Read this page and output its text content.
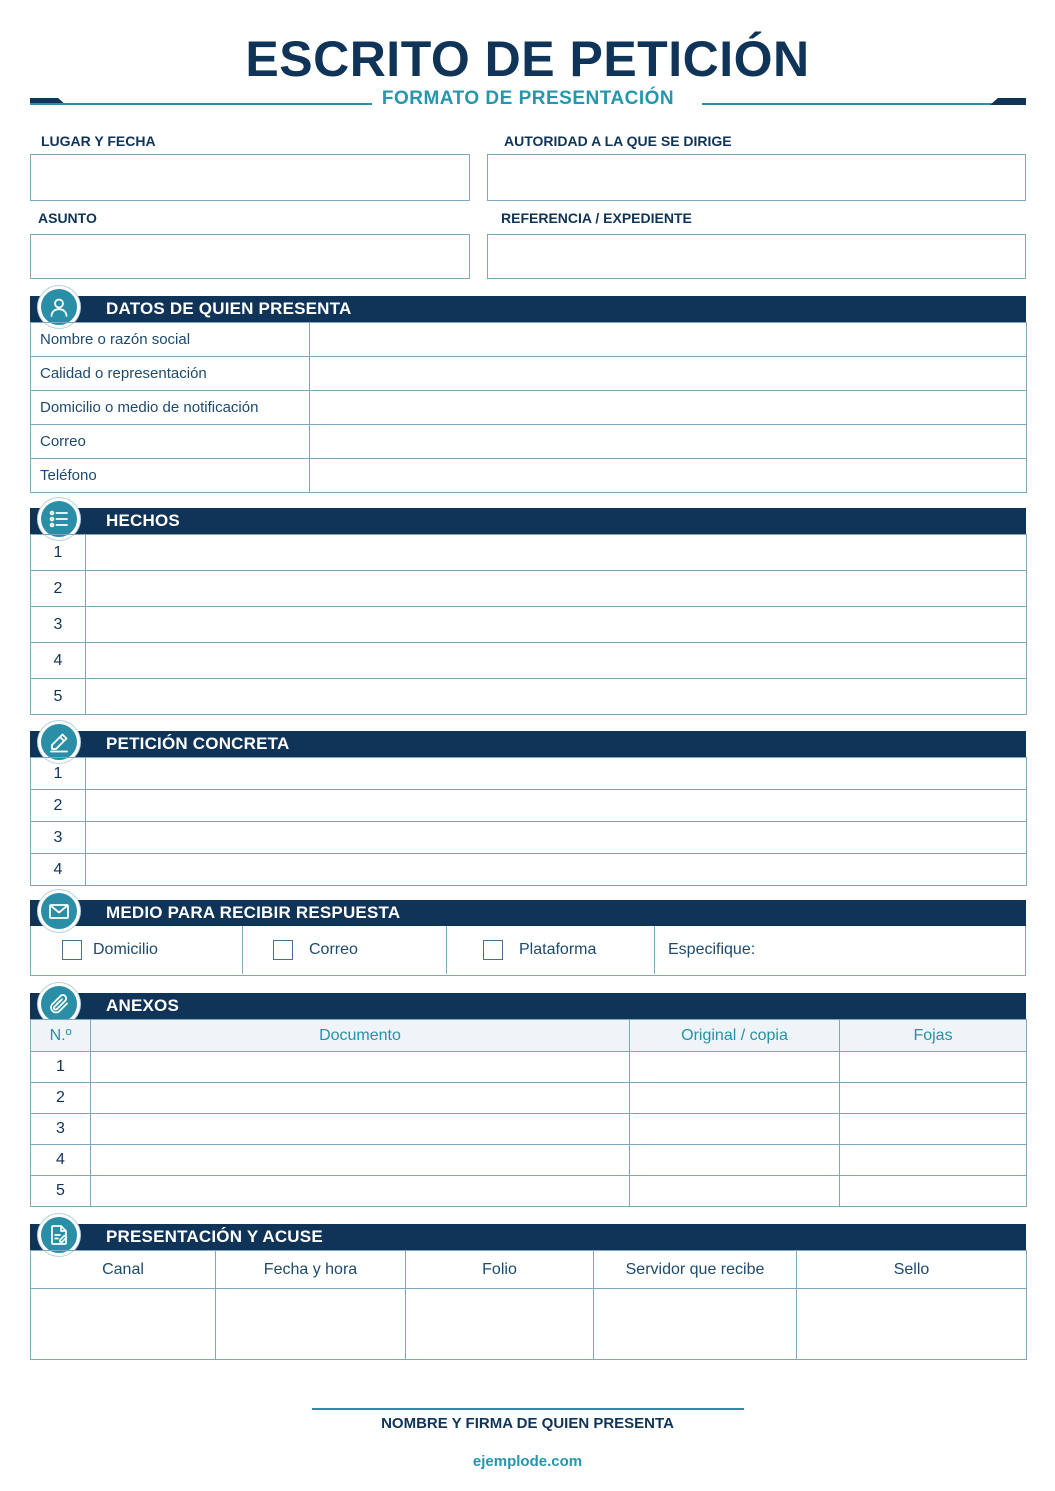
ESCRITO DE PETICIÓN
FORMATO DE PRESENTACIÓN
LUGAR Y FECHA	AUTORIDAD A LA QUE SE DIRIGE
ASUNTO	REFERENCIA / EXPEDIENTE
DATOS DE QUIEN PRESENTA
Nombre o razón social	
Calidad o representación	
Domicilio o medio de notificación	
Correo	
Teléfono	
HECHOS
1	
2	
3	
4	
5	
PETICIÓN CONCRETA
1	
2	
3	
4	
MEDIO PARA RECIBIR RESPUESTA
Domicilio	Correo	Plataforma	Especifique:
ANEXOS
N.º	Documento	Original / copia	Fojas
1			
2			
3			
4			
5			
PRESENTACIÓN Y ACUSE
Canal	Fecha y hora	Folio	Servidor que recibe	Sello

NOMBRE Y FIRMA DE QUIEN PRESENTA
ejemplode.com
